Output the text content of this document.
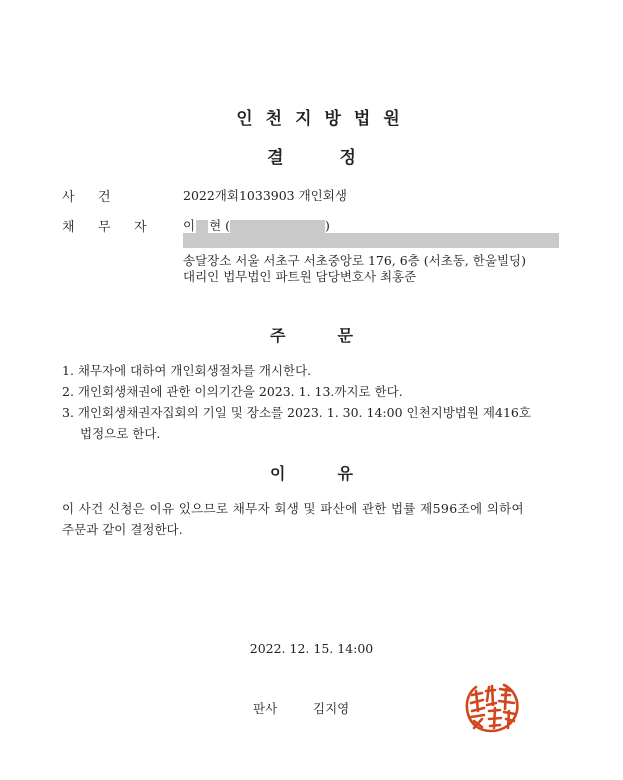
인천지방법원
결	정
사 건	2022개회1033903 개인회생
채 무 자	이 현 (	)
송달장소 서울 서초구 서초중앙로 176, 6층 (서초동, 한울빌딩)
대리인 법무법인 파트원 담당변호사 최홍준
주	문
1. 채무자에 대하여 개인회생절차를 개시한다.
2. 개인회생채권에 관한 이의기간을 2023. 1. 13.까지로 한다.
3. 개인회생채권자집회의 기일 및 장소를 2023. 1. 30. 14:00 인천지방법원 제416호
법정으로 한다.
이	유
이 사건 신청은 이유 있으므로 채무자 회생 및 파산에 관한 법률 제596조에 의하여
주문과 같이 결정한다.
2022. 12. 15. 14:00
판사	김지영
